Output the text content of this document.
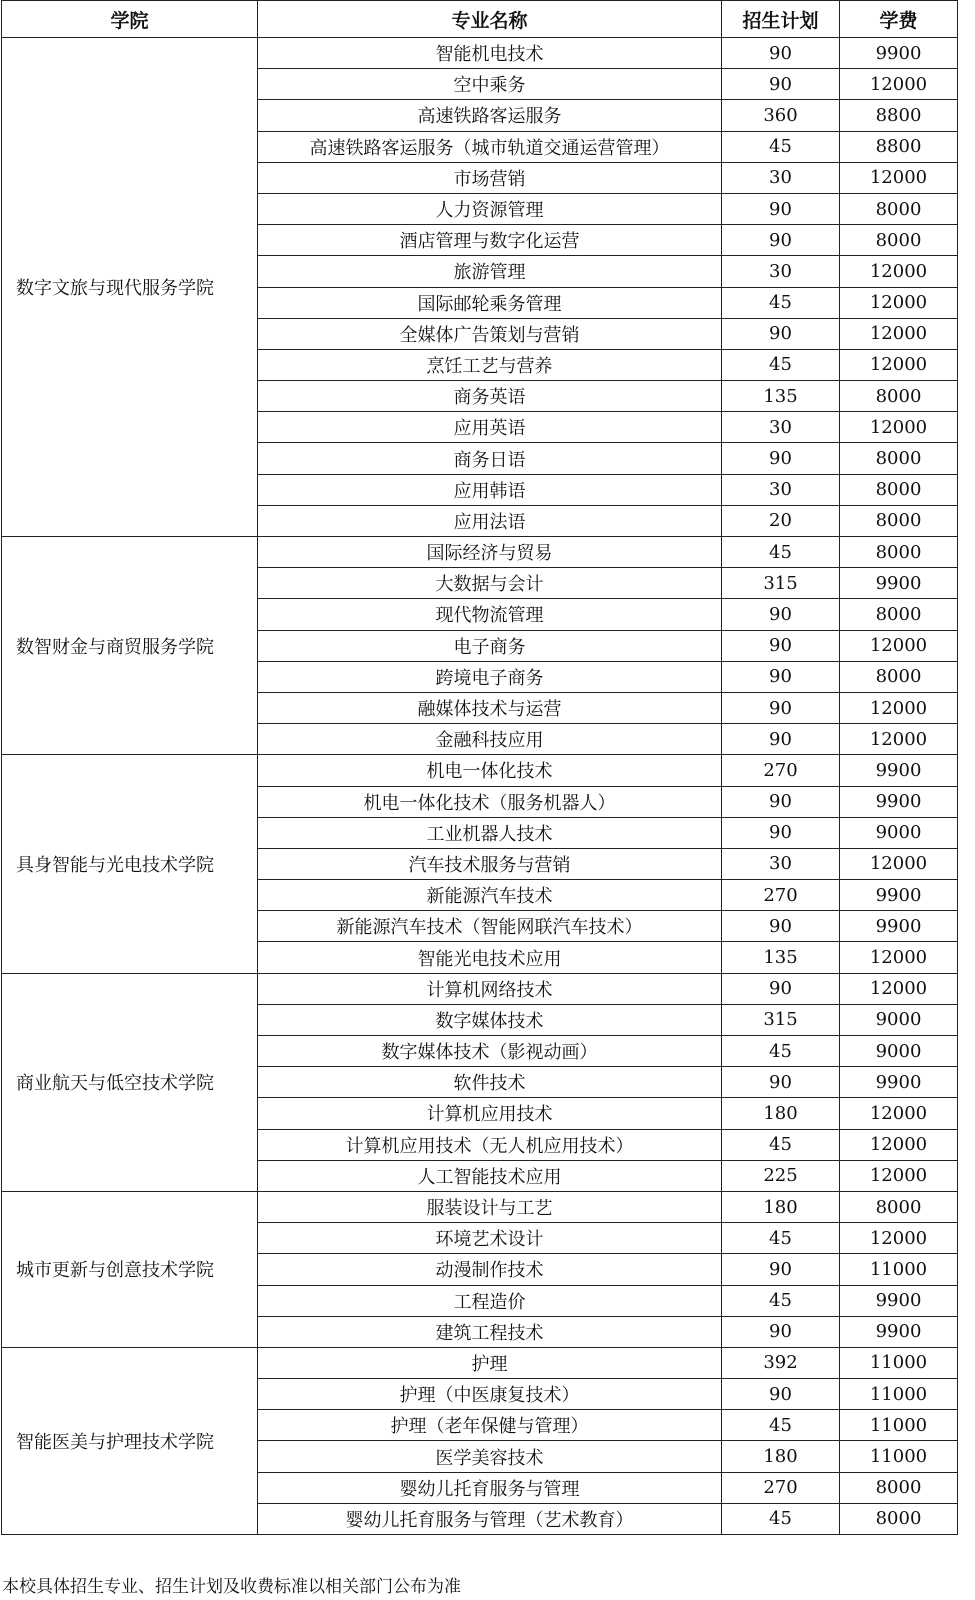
学院	专业名称	招生计划	学费
数字文旅与现代服务学院	智能机电技术	90	9900
	空中乘务	90	12000
	高速铁路客运服务	360	8800
	高速铁路客运服务（城市轨道交通运营管理）	45	8800
	市场营销	30	12000
	人力资源管理	90	8000
	酒店管理与数字化运营	90	8000
	旅游管理	30	12000
	国际邮轮乘务管理	45	12000
	全媒体广告策划与营销	90	12000
	烹饪工艺与营养	45	12000
	商务英语	135	8000
	应用英语	30	12000
	商务日语	90	8000
	应用韩语	30	8000
	应用法语	20	8000
数智财金与商贸服务学院	国际经济与贸易	45	8000
	大数据与会计	315	9900
	现代物流管理	90	8000
	电子商务	90	12000
	跨境电子商务	90	8000
	融媒体技术与运营	90	12000
	金融科技应用	90	12000
具身智能与光电技术学院	机电一体化技术	270	9900
	机电一体化技术（服务机器人）	90	9900
	工业机器人技术	90	9000
	汽车技术服务与营销	30	12000
	新能源汽车技术	270	9900
	新能源汽车技术（智能网联汽车技术）	90	9900
	智能光电技术应用	135	12000
商业航天与低空技术学院	计算机网络技术	90	12000
	数字媒体技术	315	9000
	数字媒体技术（影视动画）	45	9000
	软件技术	90	9900
	计算机应用技术	180	12000
	计算机应用技术（无人机应用技术）	45	12000
	人工智能技术应用	225	12000
城市更新与创意技术学院	服装设计与工艺	180	8000
	环境艺术设计	45	12000
	动漫制作技术	90	11000
	工程造价	45	9900
	建筑工程技术	90	9900
智能医美与护理技术学院	护理	392	11000
	护理（中医康复技术）	90	11000
	护理（老年保健与管理）	45	11000
	医学美容技术	180	11000
	婴幼儿托育服务与管理	270	8000
	婴幼儿托育服务与管理（艺术教育）	45	8000
本校具体招生专业、招生计划及收费标准以相关部门公布为准
